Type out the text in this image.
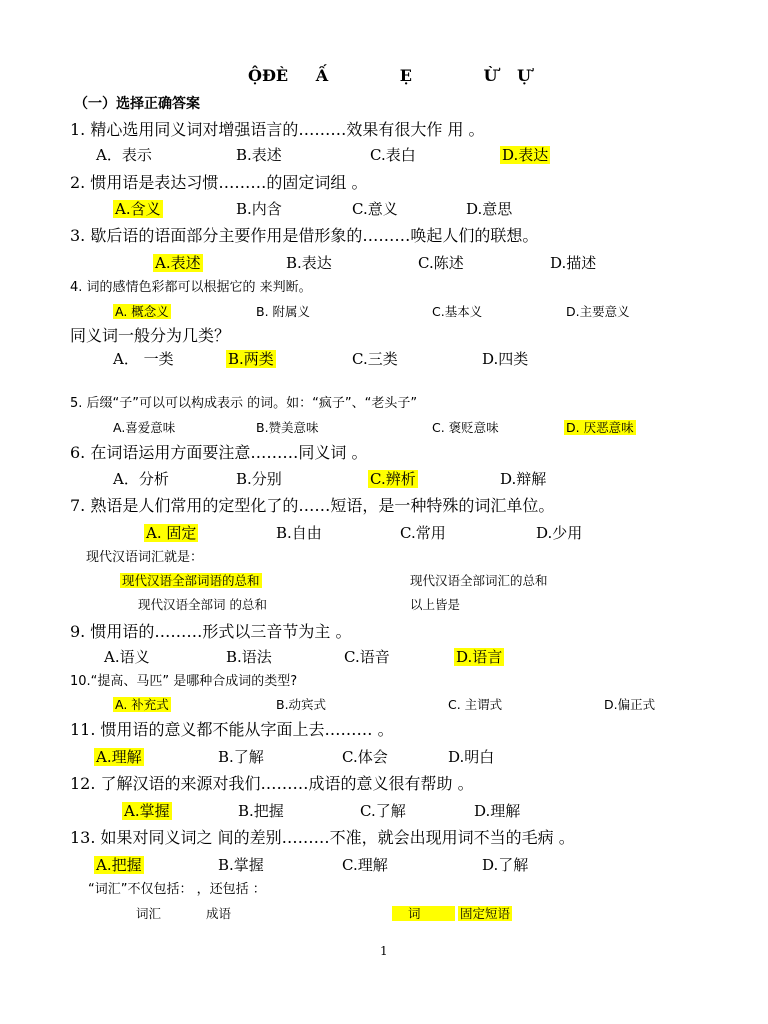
ỘĐÈ Ấ	Ẹ	Ừ Ự
（一）选择正确答案
1. 精心选用同义词对增强语言的………效果有很大作 用 。
A．表示	B.表述	C.表白	D.表达
2. 惯用语是表达习惯………的固定词组 。
A.含义	B.内含	C.意义	D.意思
3. 歇后语的语面部分主要作用是借形象的………唤起人们的联想。
A.表述	B.表达	C.陈述	D.描述
4. 词的感情色彩都可以根据它的 来判断。
A. 概念义	B. 附属义	C.基本义	D.主要意义
同义词一般分为几类？
A． 一类	B.两类	C.三类	D.四类
5. 后缀“子”可以可以构成表示 的词。如：“疯子”、“老头子”
A.喜爱意味	B.赞美意味	C. 褒贬意味	D. 厌恶意味
6. 在词语运用方面要注意………同义词 。
A．分析	B.分别	C.辨析	D.辩解
7. 熟语是人们常用的定型化了的……短语，是一种特殊的词汇单位。
A. 固定	B.自由	C.常用	D.少用
现代汉语词汇就是：
现代汉语全部词语的总和	现代汉语全部词汇的总和
现代汉语全部词 的总和	以上皆是
9. 惯用语的………形式以三音节为主 。
A.语义	B.语法	C.语音	D.语言
10.“提高、马匹” 是哪种合成词的类型?
A. 补充式	B.动宾式	C. 主谓式	D.偏正式
11. 惯用语的意义都不能从字面上去……… 。
A.理解	B.了解	C.体会	D.明白
12. 了解汉语的来源对我们………成语的意义很有帮助 。
A.掌握	B.把握	C.了解	D.理解
13. 如果对同义词之 间的差别………不准，就会出现用词不当的毛病 。
A.把握	B.掌握	C.理解	D.了解
“词汇”不仅包括： ，还包括 ：
词汇	成语	词	固定短语
1
